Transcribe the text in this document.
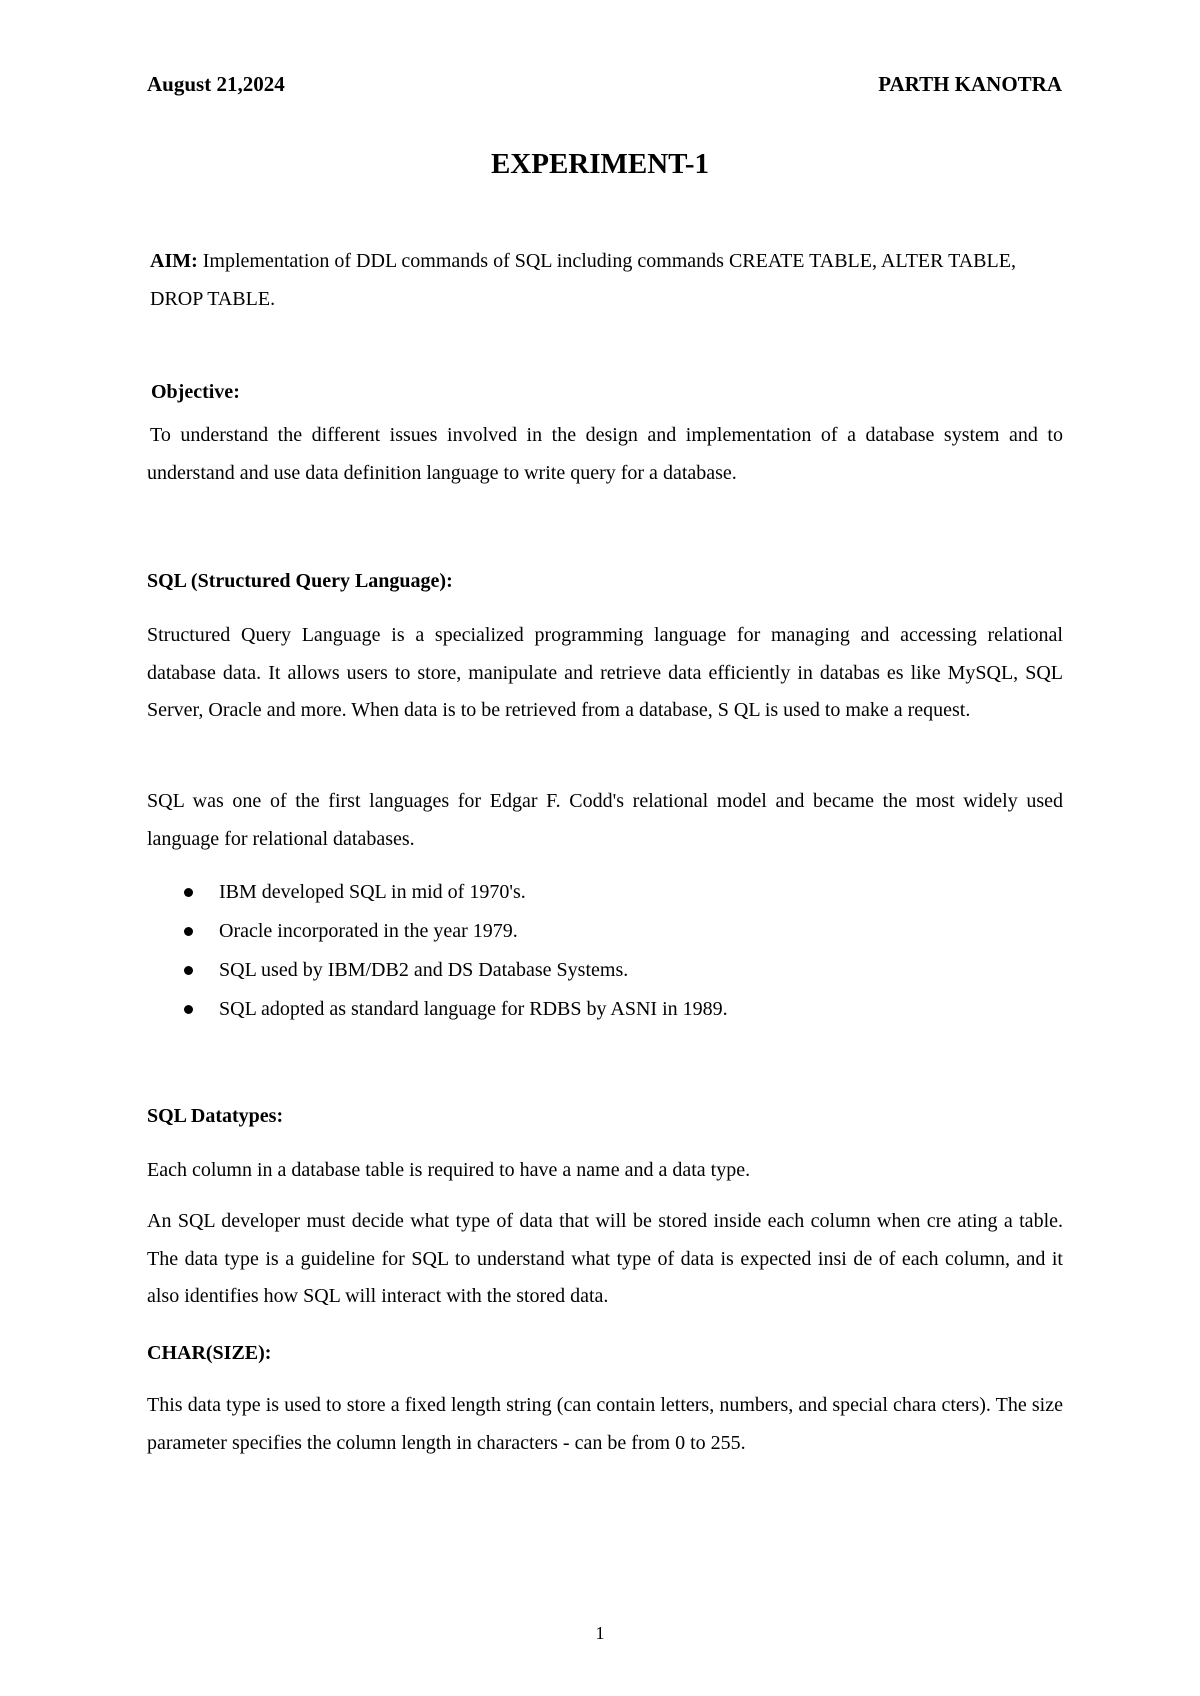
August 21,2024	PARTH KANOTRA
EXPERIMENT-1
AIM: Implementation of DDL commands of SQL including commands CREATE TABLE, ALTER TABLE, DROP TABLE.
Objective:
To understand the different issues involved in the design and implementation of a database system and to understand and use data definition language to write query for a database.
SQL (Structured Query Language):
Structured Query Language is a specialized programming language for managing and accessing relational database data. It allows users to store, manipulate and retrieve data efficiently in databas es like MySQL, SQL Server, Oracle and more. When data is to be retrieved from a database, S QL is used to make a request.
SQL was one of the first languages for Edgar F. Codd's relational model and became the most widely used language for relational databases.
IBM developed SQL in mid of 1970's.
Oracle incorporated in the year 1979.
SQL used by IBM/DB2 and DS Database Systems.
SQL adopted as standard language for RDBS by ASNI in 1989.
SQL Datatypes:
Each column in a database table is required to have a name and a data type.
An SQL developer must decide what type of data that will be stored inside each column when cre ating a table. The data type is a guideline for SQL to understand what type of data is expected insi de of each column, and it also identifies how SQL will interact with the stored data.
CHAR(SIZE):
This data type is used to store a fixed length string (can contain letters, numbers, and special chara cters). The size parameter specifies the column length in characters - can be from 0 to 255.
1
